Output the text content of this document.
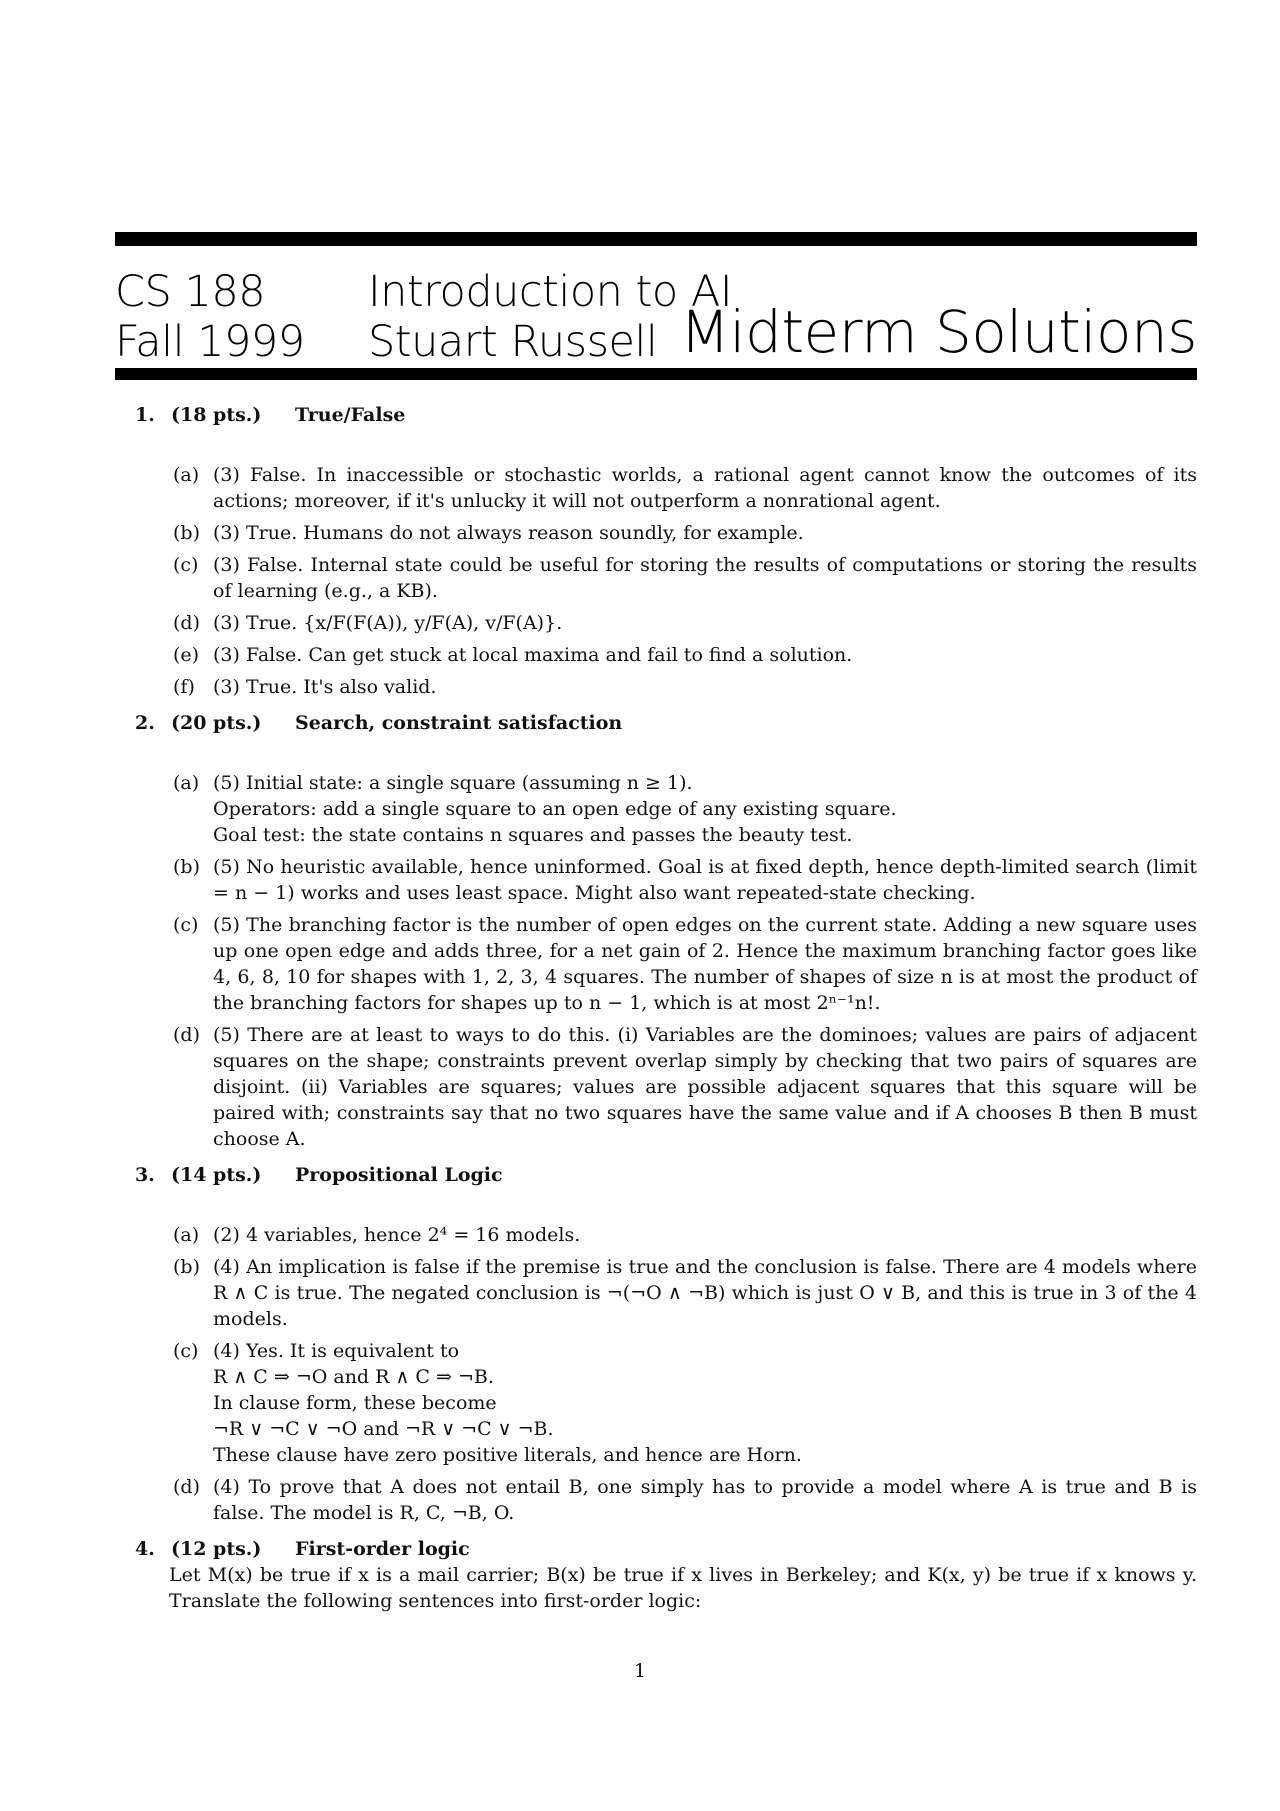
CS 188
Fall 1999
Introduction to AI
Stuart Russell Midterm Solutions
1. (18 pts.) True/False
(a) (3) False. In inaccessible or stochastic worlds, a rational agent cannot know the outcomes of its actions; moreover, if it's unlucky it will not outperform a nonrational agent.
(b) (3) True. Humans do not always reason soundly, for example.
(c) (3) False. Internal state could be useful for storing the results of computations or storing the results of learning (e.g., a KB).
(d) (3) True. {x/F(F(A)), y/F(A), v/F(A)}.
(e) (3) False. Can get stuck at local maxima and fail to find a solution.
(f) (3) True. It's also valid.
2. (20 pts.) Search, constraint satisfaction
(a) (5) Initial state: a single square (assuming n ≥ 1).
Operators: add a single square to an open edge of any existing square.
Goal test: the state contains n squares and passes the beauty test.
(b) (5) No heuristic available, hence uninformed. Goal is at fixed depth, hence depth-limited search (limit = n − 1) works and uses least space. Might also want repeated-state checking.
(c) (5) The branching factor is the number of open edges on the current state. Adding a new square uses up one open edge and adds three, for a net gain of 2. Hence the maximum branching factor goes like 4, 6, 8, 10 for shapes with 1, 2, 3, 4 squares. The number of shapes of size n is at most the product of the branching factors for shapes up to n − 1, which is at most 2ⁿ⁻¹n!.
(d) (5) There are at least to ways to do this. (i) Variables are the dominoes; values are pairs of adjacent squares on the shape; constraints prevent overlap simply by checking that two pairs of squares are disjoint. (ii) Variables are squares; values are possible adjacent squares that this square will be paired with; constraints say that no two squares have the same value and if A chooses B then B must choose A.
3. (14 pts.) Propositional Logic
(a) (2) 4 variables, hence 2⁴ = 16 models.
(b) (4) An implication is false if the premise is true and the conclusion is false. There are 4 models where R ∧ C is true. The negated conclusion is ¬(¬O ∧ ¬B) which is just O ∨ B, and this is true in 3 of the 4 models.
(c) (4) Yes. It is equivalent to
R ∧ C ⇒ ¬O and R ∧ C ⇒ ¬B.
In clause form, these become
¬R ∨ ¬C ∨ ¬O and ¬R ∨ ¬C ∨ ¬B.
These clause have zero positive literals, and hence are Horn.
(d) (4) To prove that A does not entail B, one simply has to provide a model where A is true and B is false. The model is R, C, ¬B, O.
4. (12 pts.) First-order logic
Let M(x) be true if x is a mail carrier; B(x) be true if x lives in Berkeley; and K(x, y) be true if x knows y. Translate the following sentences into first-order logic:
1
